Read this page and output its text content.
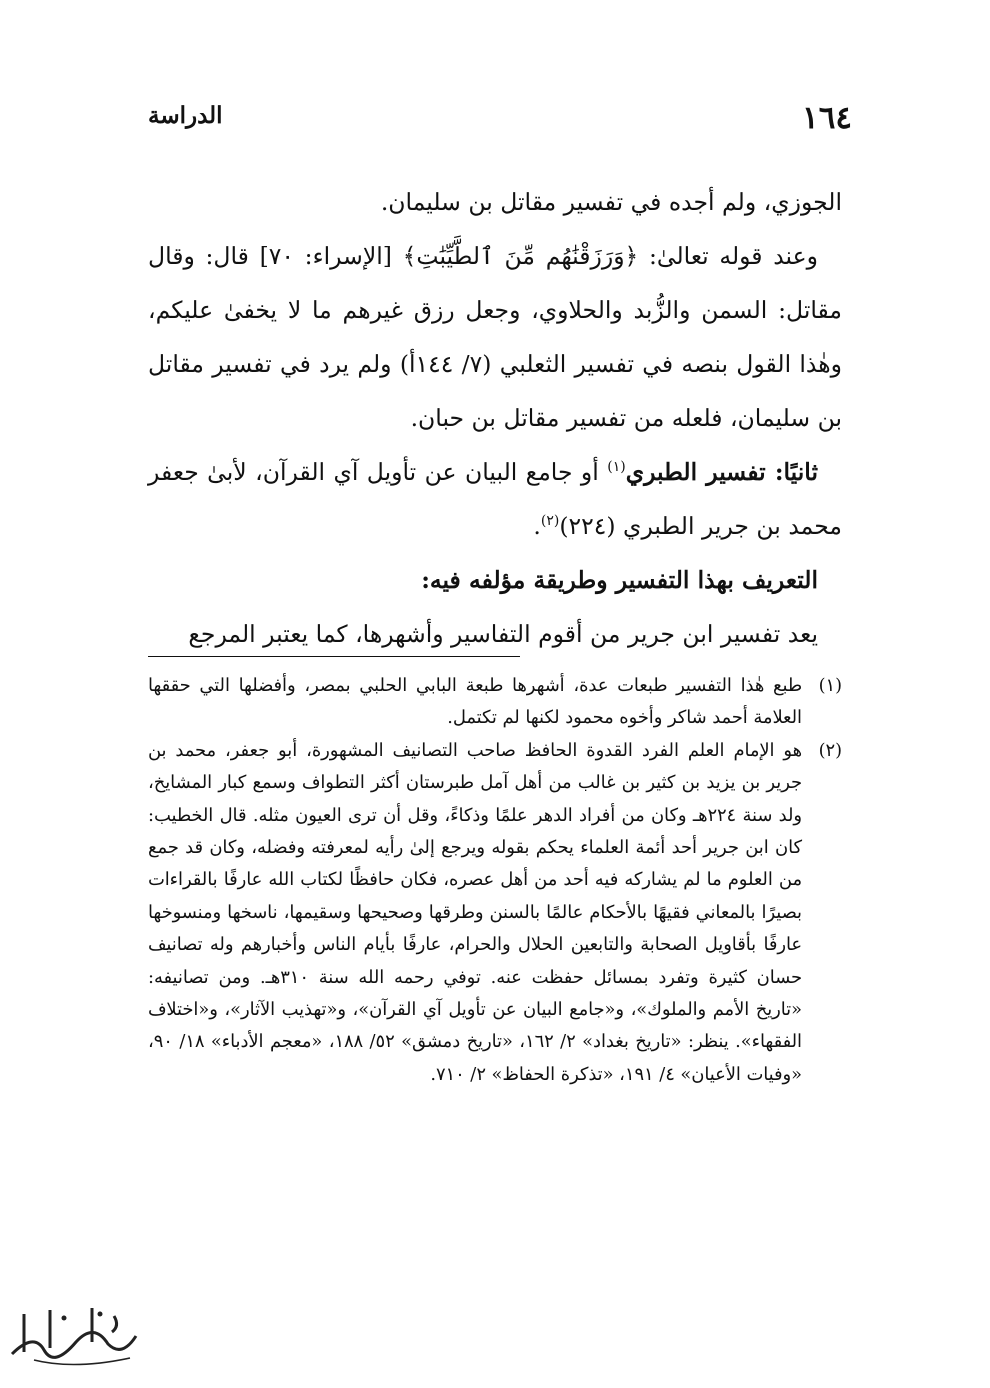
١٦٤
الدراسة

الجوزي، ولم أجده في تفسير مقاتل بن سليمان.

وعند قوله تعالىٰ: ﴿وَرَزَقْنَٰهُم مِّنَ ٱلطَّيِّبَٰتِ﴾ [الإسراء: ٧٠] قال: وقال مقاتل: السمن والزُّبد والحلاوي، وجعل رزق غيرهم ما لا يخفىٰ عليكم، وهٰذا القول بنصه في تفسير الثعلبي (٧/ ١٤٤أ) ولم يرد في تفسير مقاتل بن سليمان، فلعله من تفسير مقاتل بن حبان.

ثانيًا: تفسير الطبري$^{(١)}$ أو جامع البيان عن تأويل آي القرآن، لأبىٰ جعفر محمد بن جرير الطبري (٢٢٤)$^{(٢)}$.

التعريف بهذا التفسير وطريقة مؤلفه فيه:

يعد تفسير ابن جرير من أقوم التفاسير وأشهرها، كما يعتبر المرجع

(١)
طبع هٰذا التفسير طبعات عدة، أشهرها طبعة البابي الحلبي بمصر، وأفضلها التي حققها العلامة أحمد شاكر وأخوه محمود لكنها لم تكتمل.

(٢)
هو الإمام العلم الفرد القدوة الحافظ صاحب التصانيف المشهورة، أبو جعفر، محمد بن جرير بن يزيد بن كثير بن غالب من أهل آمل طبرستان أكثر التطواف وسمع كبار المشايخ، ولد سنة ٢٢٤هـ وكان من أفراد الدهر علمًا وذكاءً، وقل أن ترى العيون مثله. قال الخطيب: كان ابن جرير أحد أئمة العلماء يحكم بقوله ويرجع إلىٰ رأيه لمعرفته وفضله، وكان قد جمع من العلوم ما لم يشاركه فيه أحد من أهل عصره، فكان حافظًا لكتاب الله عارفًا بالقراءات بصيرًا بالمعاني فقيهًا بالأحكام عالمًا بالسنن وطرقها وصحيحها وسقيمها، ناسخها ومنسوخها عارفًا بأقاويل الصحابة والتابعين الحلال والحرام، عارفًا بأيام الناس وأخبارهم وله تصانيف حسان كثيرة وتفرد بمسائل حفظت عنه. توفي رحمه الله سنة ٣١٠هـ. ومن تصانيفه: «تاريخ الأمم والملوك»، و«جامع البيان عن تأويل آي القرآن»، و«تهذيب الآثار»، و«اختلاف الفقهاء». ينظر: «تاريخ بغداد» ٢/ ١٦٢، «تاريخ دمشق» ٥٢/ ١٨٨، «معجم الأدباء» ١٨/ ٩٠، «وفيات الأعيان» ٤/ ١٩١، «تذكرة الحفاظ» ٢/ ٧١٠.
